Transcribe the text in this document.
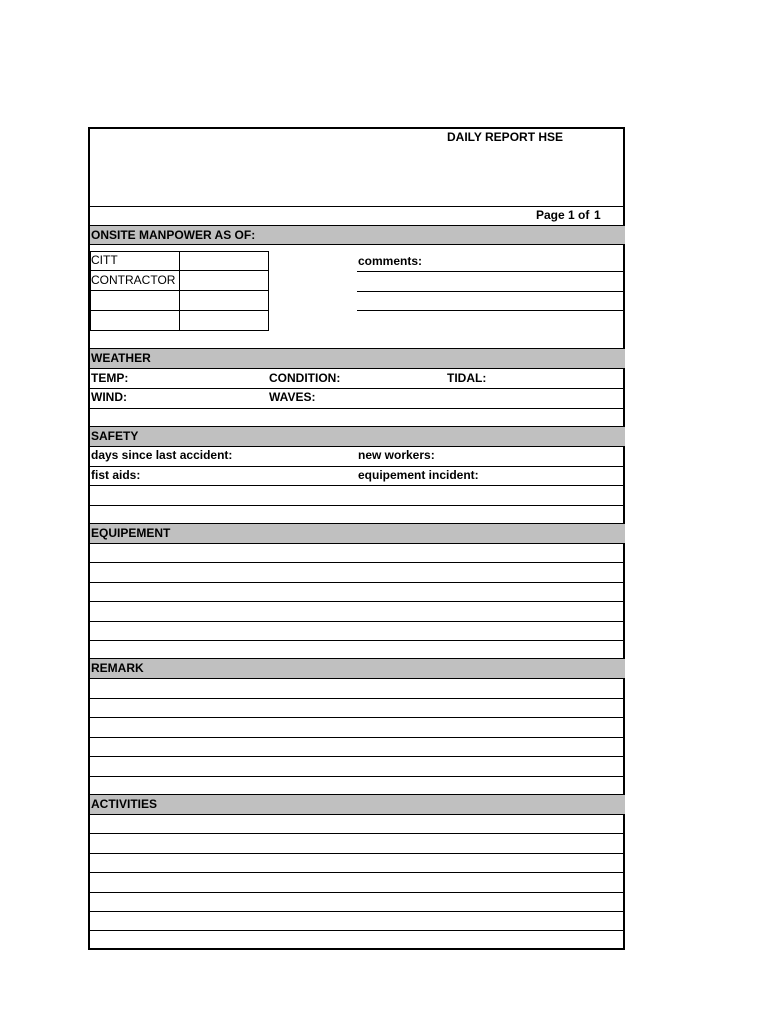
DAILY REPORT HSE
Page 1 of 1
ONSITE MANPOWER AS OF:
CITT
CONTRACTOR
comments:
WEATHER
TEMP:	CONDITION:	TIDAL:
WIND:	WAVES:
SAFETY
days since last accident:	new workers:
fist aids:	equipement incident:
EQUIPEMENT
REMARK
ACTIVITIES
